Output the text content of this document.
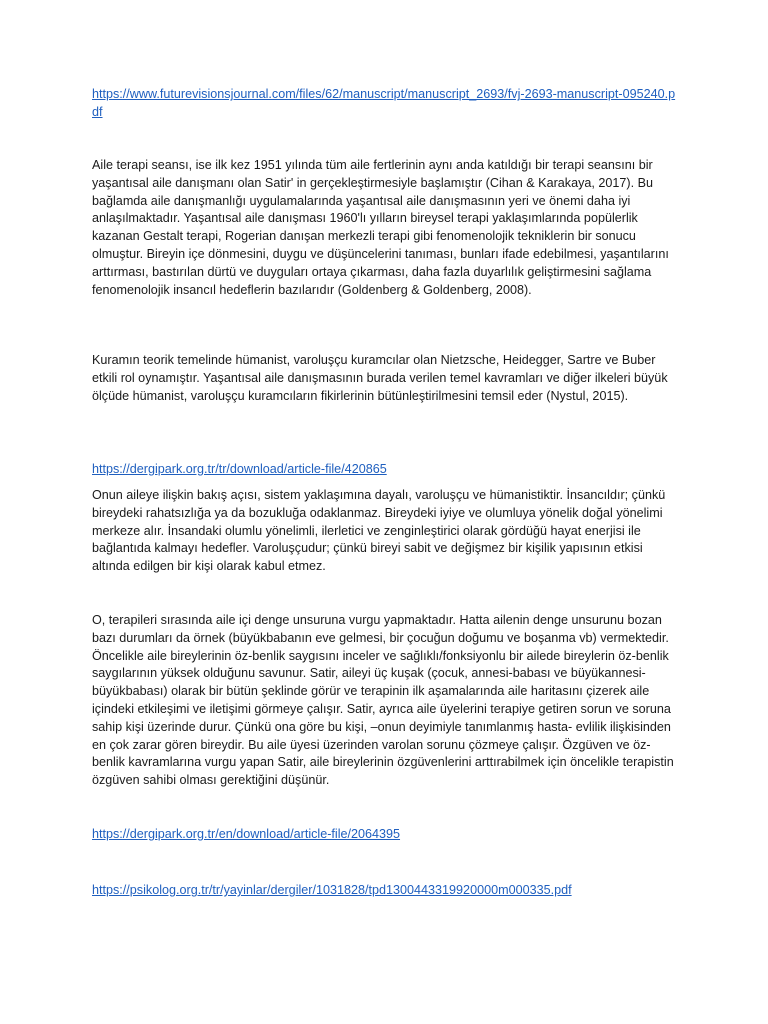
https://www.futurevisionsjournal.com/files/62/manuscript/manuscript_2693/fvj-2693-manuscript-095240.pdf

Aile terapi seansı, ise ilk kez 1951 yılında tüm aile fertlerinin aynı anda katıldığı bir terapi seansını bir yaşantısal aile danışmanı olan Satir' in gerçekleştirmesiyle başlamıştır (Cihan & Karakaya, 2017). Bu bağlamda aile danışmanlığı uygulamalarında yaşantısal aile danışmasının yeri ve önemi daha iyi anlaşılmaktadır. Yaşantısal aile danışması 1960'lı yılların bireysel terapi yaklaşımlarında popülerlik kazanan Gestalt terapi, Rogerian danışan merkezli terapi gibi fenomenolojik tekniklerin bir sonucu olmuştur. Bireyin içe dönmesini, duygu ve düşüncelerini tanıması, bunları ifade edebilmesi, yaşantılarını arttırması, bastırılan dürtü ve duyguları ortaya çıkarması, daha fazla duyarlılık geliştirmesini sağlama fenomenolojik insancıl hedeflerin bazılarıdır (Goldenberg & Goldenberg, 2008).

Kuramın teorik temelinde hümanist, varoluşçu kuramcılar olan Nietzsche, Heidegger, Sartre ve Buber etkili rol oynamıştır. Yaşantısal aile danışmasının burada verilen temel kavramları ve diğer ilkeleri büyük ölçüde hümanist, varoluşçu kuramcıların fikirlerinin bütünleştirilmesini temsil eder (Nystul, 2015).

https://dergipark.org.tr/tr/download/article-file/420865

Onun aileye ilişkin bakış açısı, sistem yaklaşımına dayalı, varoluşçu ve hümanistiktir. İnsancıldır; çünkü bireydeki rahatsızlığa ya da bozukluğa odaklanmaz. Bireydeki iyiye ve olumluya yönelik doğal yönelimi merkeze alır. İnsandaki olumlu yönelimli, ilerletici ve zenginleştirici olarak gördüğü hayat enerjisi ile bağlantıda kalmayı hedefler. Varoluşçudur; çünkü bireyi sabit ve değişmez bir kişilik yapısının etkisi altında edilgen bir kişi olarak kabul etmez.

O, terapileri sırasında aile içi denge unsuruna vurgu yapmaktadır. Hatta ailenin denge unsurunu bozan bazı durumları da örnek (büyükbabanın eve gelmesi, bir çocuğun doğumu ve boşanma vb) vermektedir. Öncelikle aile bireylerinin öz-benlik saygısını inceler ve sağlıklı/fonksiyonlu bir ailede bireylerin öz-benlik saygılarının yüksek olduğunu savunur. Satir, aileyi üç kuşak (çocuk, annesi-babası ve büyükannesi-büyükbabası) olarak bir bütün şeklinde görür ve terapinin ilk aşamalarında aile haritasını çizerek aile içindeki etkileşimi ve iletişimi görmeye çalışır. Satir, ayrıca aile üyelerini terapiye getiren sorun ve soruna sahip kişi üzerinde durur. Çünkü ona göre bu kişi, –onun deyimiyle tanımlanmış hasta- evlilik ilişkisinden en çok zarar gören bireydir. Bu aile üyesi üzerinden varolan sorunu çözmeye çalışır. Özgüven ve öz-benlik kavramlarına vurgu yapan Satir, aile bireylerinin özgüvenlerini arttırabilmek için öncelikle terapistin özgüven sahibi olması gerektiğini düşünür.

https://dergipark.org.tr/en/download/article-file/2064395
https://psikolog.org.tr/tr/yayinlar/dergiler/1031828/tpd1300443319920000m000335.pdf
